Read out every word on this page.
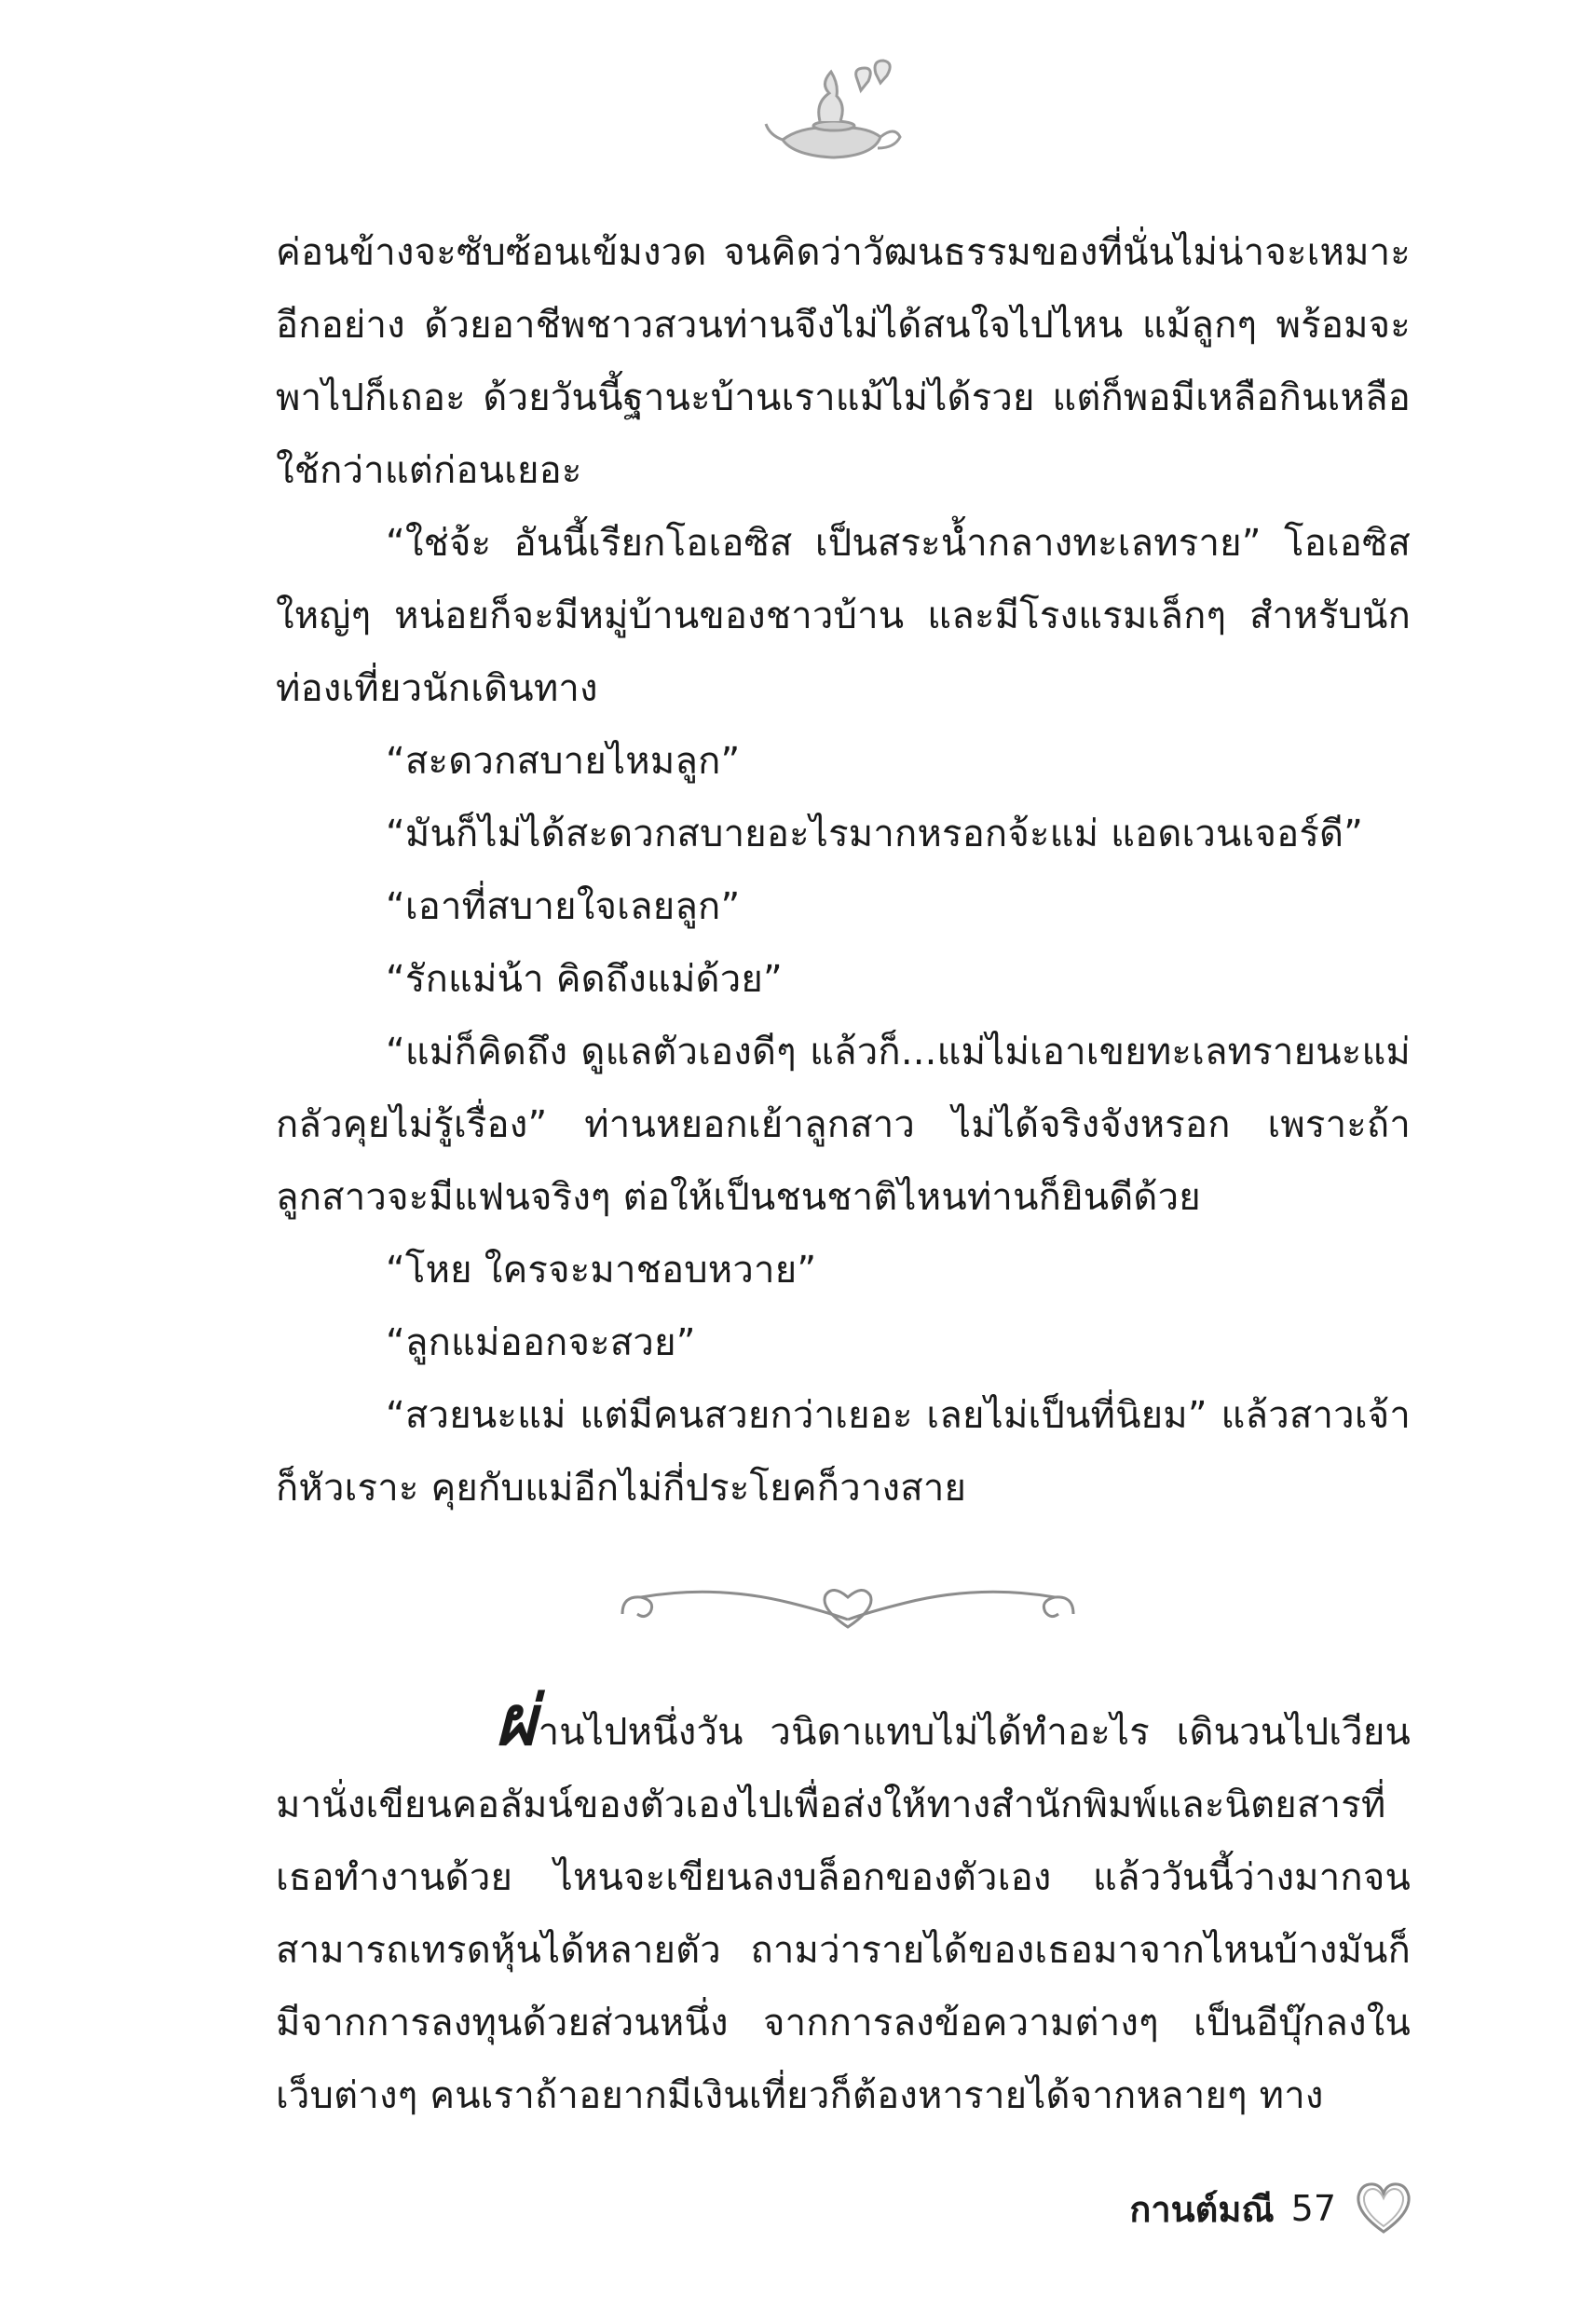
ค่อนข้างจะซับซ้อนเข้มงวด จนคิดว่าวัฒนธรรมของที่นั่นไม่น่าจะเหมาะอีกอย่าง ด้วยอาชีพชาวสวนท่านจึงไม่ได้สนใจไปไหน แม้ลูกๆ พร้อมจะพาไปก็เถอะ ด้วยวันนี้ฐานะบ้านเราแม้ไม่ได้รวย แต่ก็พอมีเหลือกินเหลือใช้กว่าแต่ก่อนเยอะ

“ใช่จ้ะ อันนี้เรียกโอเอซิส เป็นสระน้ำกลางทะเลทราย” โอเอซิสใหญ่ๆ หน่อยก็จะมีหมู่บ้านของชาวบ้าน และมีโรงแรมเล็กๆ สำหรับนักท่องเที่ยวนักเดินทาง

“สะดวกสบายไหมลูก”

“มันก็ไม่ได้สะดวกสบายอะไรมากหรอกจ้ะแม่ แอดเวนเจอร์ดี”

“เอาที่สบายใจเลยลูก”

“รักแม่น้า คิดถึงแม่ด้วย”

“แม่ก็คิดถึง ดูแลตัวเองดีๆ แล้วก็...แม่ไม่เอาเขยทะเลทรายนะแม่กลัวคุยไม่รู้เรื่อง” ท่านหยอกเย้าลูกสาว ไม่ได้จริงจังหรอก เพราะถ้าลูกสาวจะมีแฟนจริงๆ ต่อให้เป็นชนชาติไหนท่านก็ยินดีด้วย

“โหย ใครจะมาชอบหวาย”

“ลูกแม่ออกจะสวย”

“สวยนะแม่ แต่มีคนสวยกว่าเยอะ เลยไม่เป็นที่นิยม” แล้วสาวเจ้าก็หัวเราะ คุยกับแม่อีกไม่กี่ประโยคก็วางสาย

ผ่านไปหนึ่งวัน วนิดาแทบไม่ได้ทำอะไร เดินวนไปเวียนมานั่งเขียนคอลัมน์ของตัวเองไปเพื่อส่งให้ทางสำนักพิมพ์และนิตยสารที่เธอทำงานด้วย ไหนจะเขียนลงบล็อกของตัวเอง แล้ววันนี้ว่างมากจนสามารถเทรดหุ้นได้หลายตัว ถามว่ารายได้ของเธอมาจากไหนบ้างมันก็มีจากการลงทุนด้วยส่วนหนึ่ง จากการลงข้อความต่างๆ เป็นอีบุ๊กลงในเว็บต่างๆ คนเราถ้าอยากมีเงินเที่ยวก็ต้องหารายได้จากหลายๆ ทาง

กานต์มณี 57
